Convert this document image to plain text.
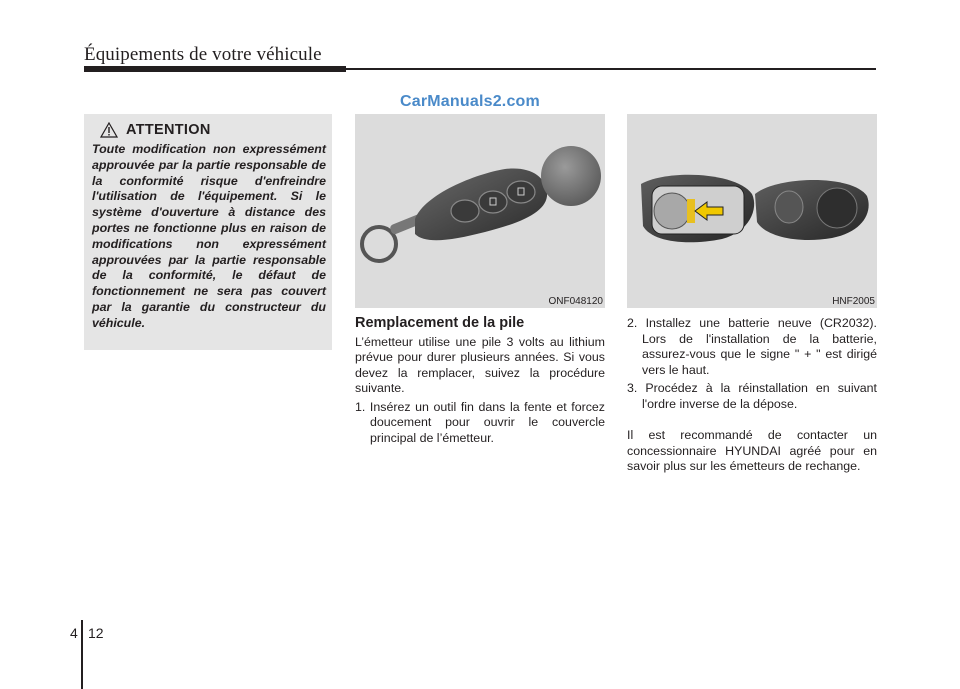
Équipements de votre véhicule
CarManuals2.com
ATTENTION
Toute modification non expressément approuvée par la partie responsable de la conformité risque d'enfreindre l'utilisation de l'équipement. Si le système d'ouverture à distance des portes ne fonctionne plus en raison de modifications non expressément approuvées par la partie responsable de la conformité, le défaut de fonctionnement ne sera pas couvert par la garantie du constructeur du véhicule.
ONF048120	HNF2005
Remplacement de la pile
L’émetteur utilise une pile 3 volts au lithium prévue pour durer plusieurs années. Si vous devez la remplacer, suivez la procédure suivante.
1. Insérez un outil fin dans la fente et forcez doucement pour ouvrir le couvercle principal de l’émetteur.
2. Installez une batterie neuve (CR2032). Lors de l'installation de la batterie, assurez-vous que le signe " + " est dirigé vers le haut.
3. Procédez à la réinstallation en suivant l'ordre inverse de la dépose.
Il est recommandé de contacter un concessionnaire HYUNDAI agréé pour en savoir plus sur les émetteurs de rechange.
4 12
